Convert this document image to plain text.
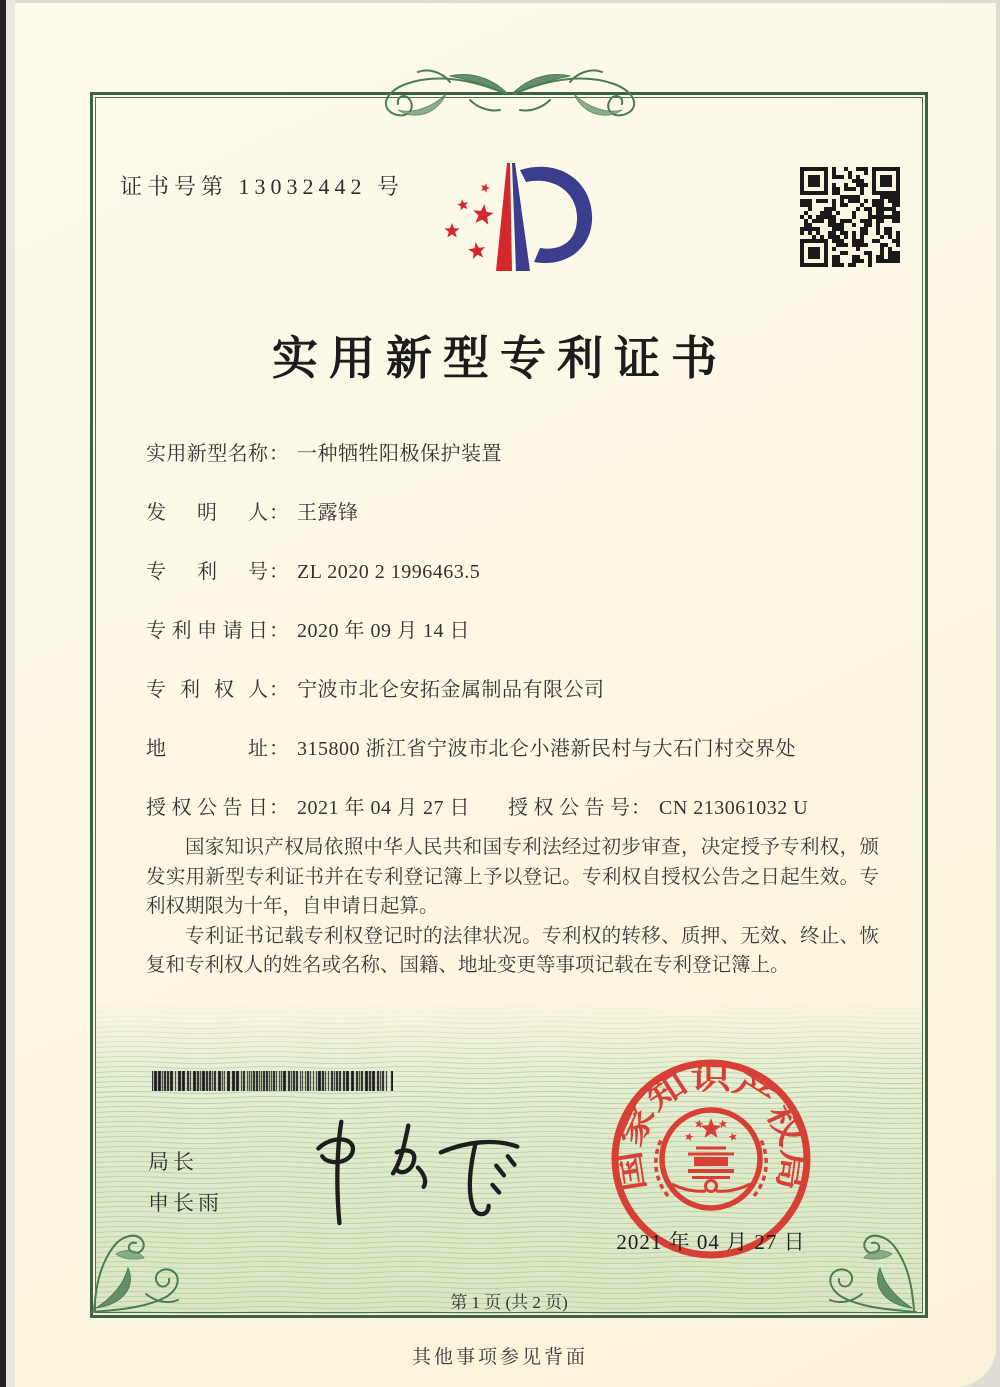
证书号第 13032442 号
实用新型专利证书
实用新型名称： 一种牺牲阳极保护装置
发明人： 王露锋
专利号： ZL 2020 2 1996463.5
专利申请日： 2020 年 09 月 14 日
专利权人： 宁波市北仑安拓金属制品有限公司
地址： 315800 浙江省宁波市北仑小港新民村与大石门村交界处
授权公告日： 2021 年 04 月 27 日 授权公告号： CN 213061032 U

国家知识产权局依照中华人民共和国专利法经过初步审查，决定授予专利权，颁发实用新型专利证书并在专利登记簿上予以登记。专利权自授权公告之日起生效。专利权期限为十年，自申请日起算。

专利证书记载专利权登记时的法律状况。专利权的转移、质押、无效、终止、恢复和专利权人的姓名或名称、国籍、地址变更等事项记载在专利登记簿上。

局长
申长雨
国家知识产权局
2021 年 04 月 27 日
第 1 页 (共 2 页)
其他事项参见背面
